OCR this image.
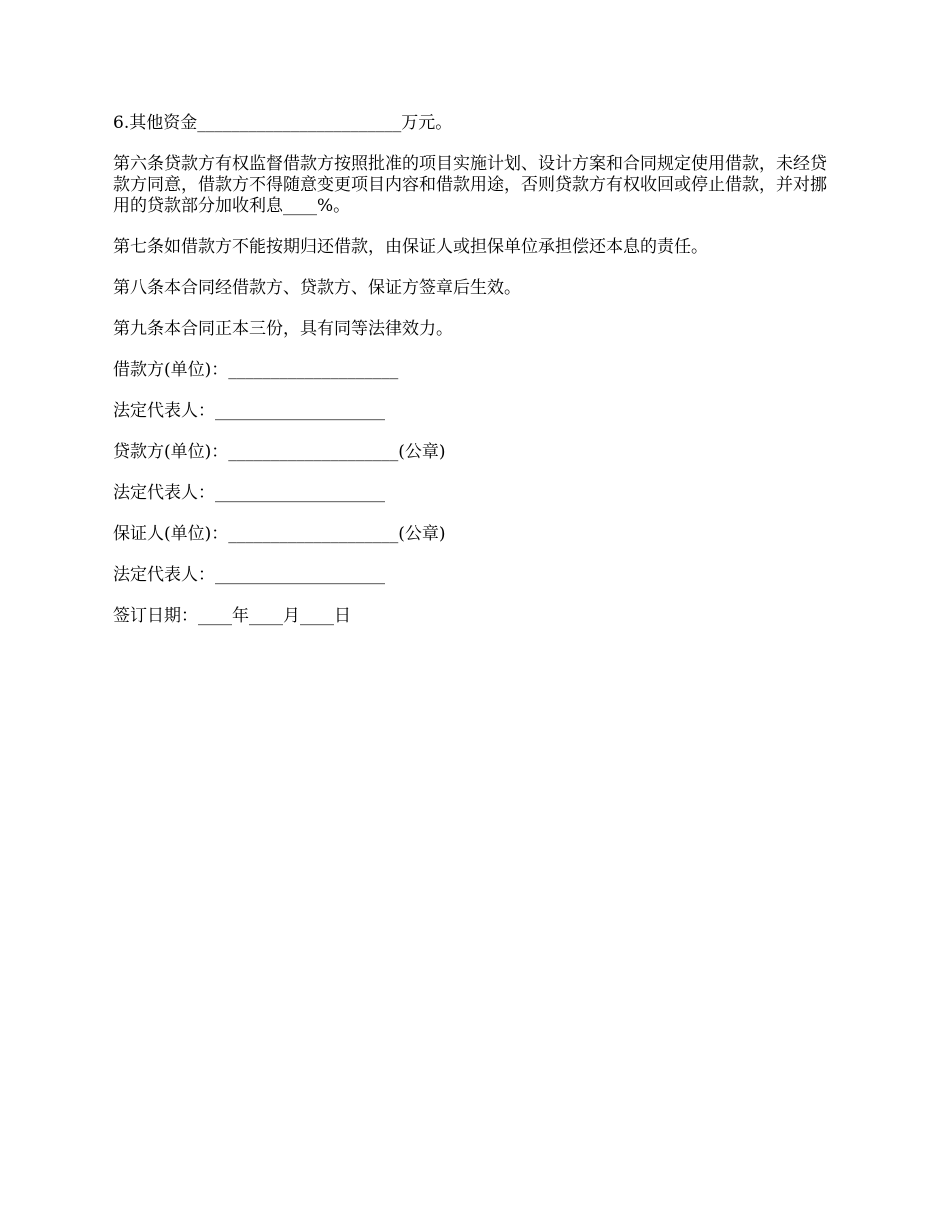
6.其他资金________________________万元。

第六条贷款方有权监督借款方按照批准的项目实施计划、设计方案和合同规定使用借款，未经贷款方同意，借款方不得随意变更项目内容和借款用途，否则贷款方有权收回或停止借款，并对挪用的贷款部分加收利息____%。

第七条如借款方不能按期归还借款，由保证人或担保单位承担偿还本息的责任。

第八条本合同经借款方、贷款方、保证方签章后生效。

第九条本合同正本三份，具有同等法律效力。

借款方(单位)：____________________

法定代表人：____________________

贷款方(单位)：____________________(公章)

法定代表人：____________________

保证人(单位)：____________________(公章)

法定代表人：____________________

签订日期：____年____月____日
